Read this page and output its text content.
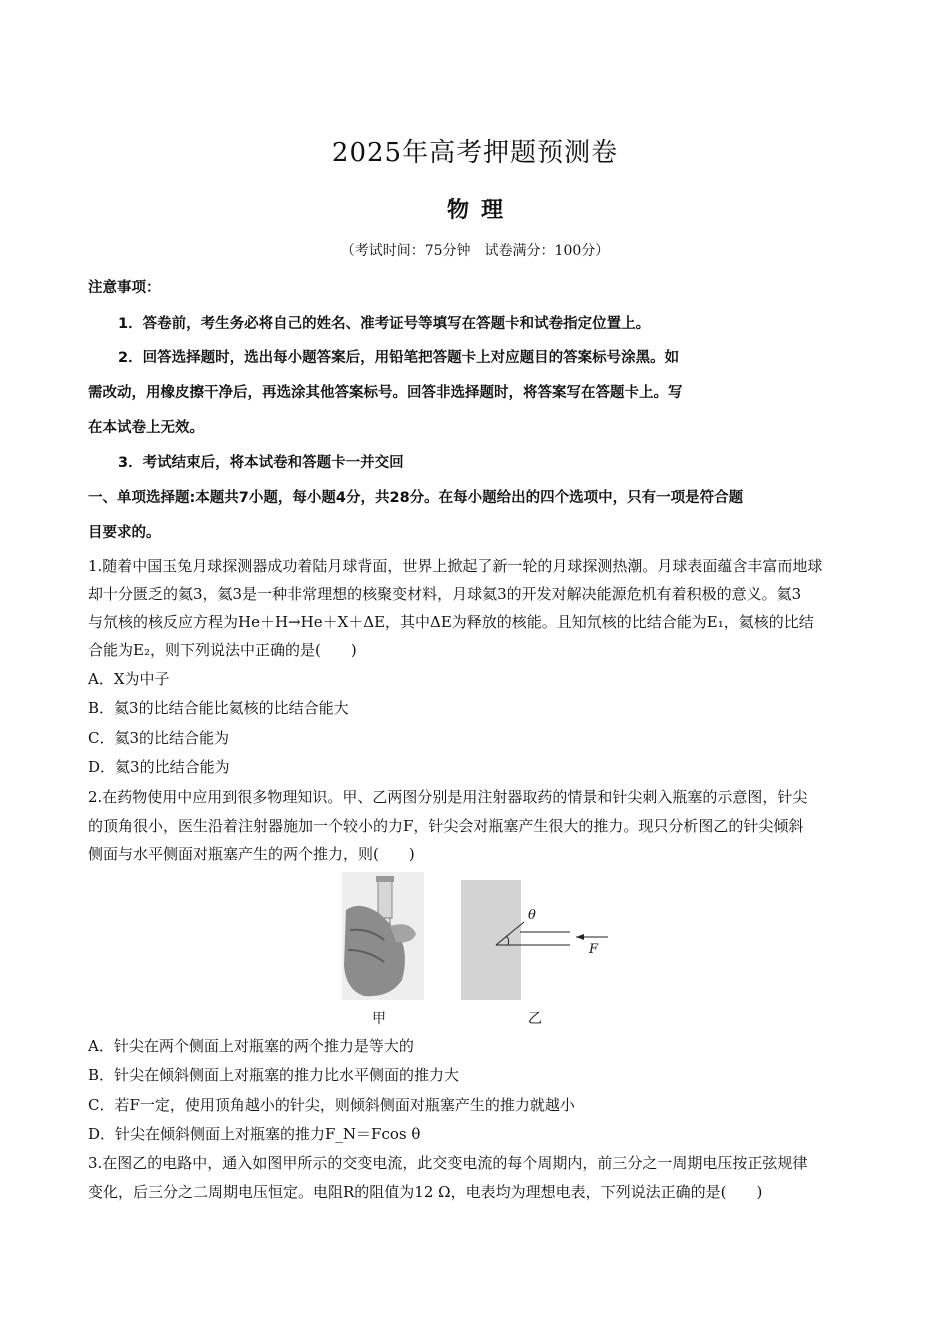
2025年高考押题预测卷
物理
（考试时间：75分钟　试卷满分：100分）
注意事项：
1．答卷前，考生务必将自己的姓名、准考证号等填写在答题卡和试卷指定位置上。
2．回答选择题时，选出每小题答案后，用铅笔把答题卡上对应题目的答案标号涂黑。如
需改动，用橡皮擦干净后，再选涂其他答案标号。回答非选择题时，将答案写在答题卡上。写
在本试卷上无效。
3．考试结束后，将本试卷和答题卡一并交回
一、单项选择题:本题共7小题，每小题4分，共28分。在每小题给出的四个选项中，只有一项是符合题
目要求的。
1.随着中国玉兔月球探测器成功着陆月球背面，世界上掀起了新一轮的月球探测热潮。月球表面蕴含丰富而地球
却十分匮乏的氦3，氦3是一种非常理想的核聚变材料，月球氦3的开发对解决能源危机有着积极的意义。氦3
与氘核的核反应方程为He＋H→He＋X＋ΔE，其中ΔE为释放的核能。且知氘核的比结合能为E₁，氦核的比结
合能为E₂，则下列说法中正确的是(　　)
A．X为中子
B．氦3的比结合能比氦核的比结合能大
C．氦3的比结合能为
D．氦3的比结合能为
2.在药物使用中应用到很多物理知识。甲、乙两图分别是用注射器取药的情景和针尖刺入瓶塞的示意图，针尖
的顶角很小，医生沿着注射器施加一个较小的力F，针尖会对瓶塞产生很大的推力。现只分析图乙的针尖倾斜
侧面与水平侧面对瓶塞产生的两个推力，则(　　)
θ
F
甲	乙
A．针尖在两个侧面上对瓶塞的两个推力是等大的
B．针尖在倾斜侧面上对瓶塞的推力比水平侧面的推力大
C．若F一定，使用顶角越小的针尖，则倾斜侧面对瓶塞产生的推力就越小
D．针尖在倾斜侧面上对瓶塞的推力F_N＝Fcos θ
3.在图乙的电路中，通入如图甲所示的交变电流，此交变电流的每个周期内，前三分之一周期电压按正弦规律
变化，后三分之二周期电压恒定。电阻R的阻值为12 Ω，电表均为理想电表，下列说法正确的是(　　)
